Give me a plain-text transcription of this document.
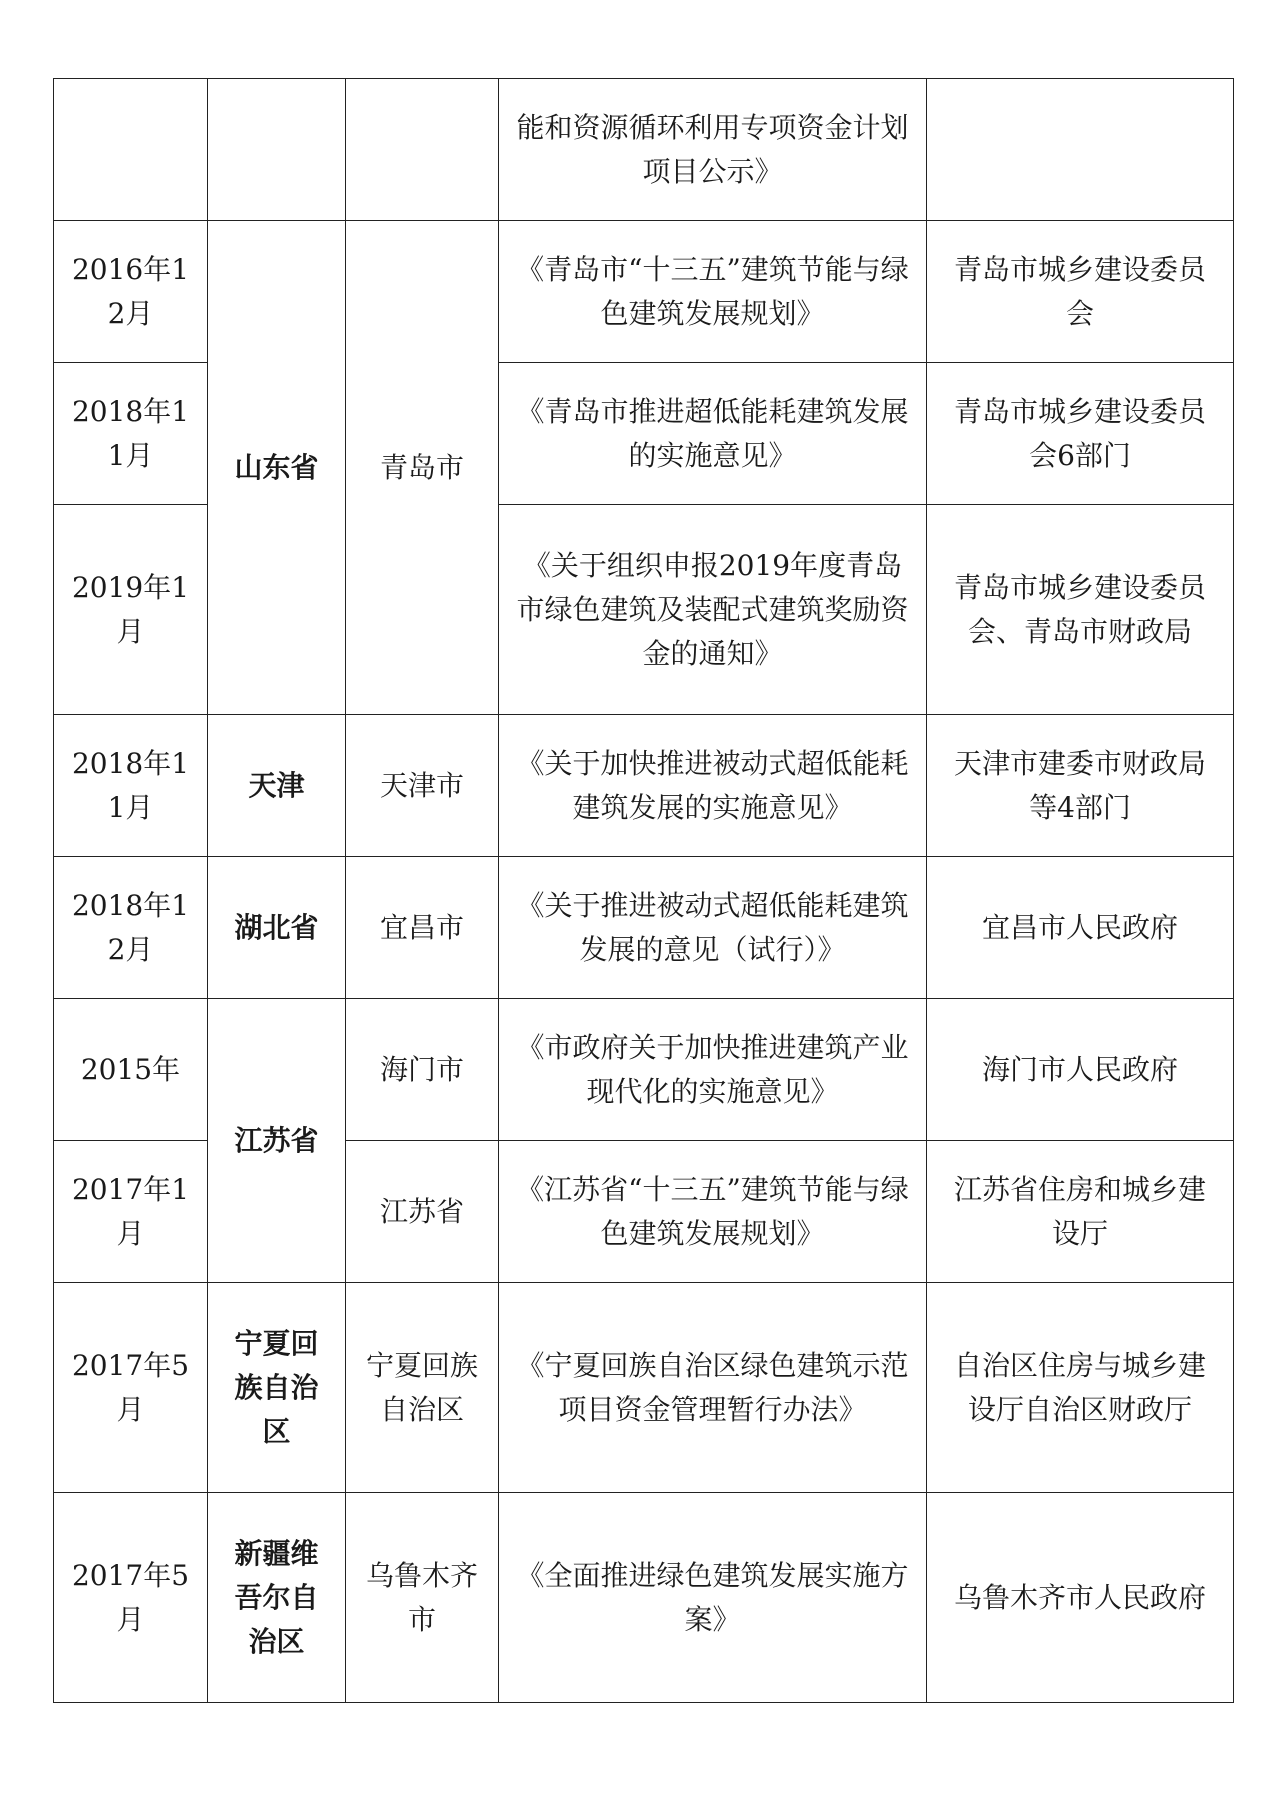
			能和资源循环利用专项资金计划项目公示》	
2016年12月	山东省	青岛市	《青岛市“十三五”建筑节能与绿色建筑发展规划》	青岛市城乡建设委员会
2018年11月			《青岛市推进超低能耗建筑发展的实施意见》	青岛市城乡建设委员会6部门
2019年1月			《关于组织申报2019年度青岛市绿色建筑及装配式建筑奖励资金的通知》	青岛市城乡建设委员会、青岛市财政局
2018年11月	天津	天津市	《关于加快推进被动式超低能耗建筑发展的实施意见》	天津市建委市财政局等4部门
2018年12月	湖北省	宜昌市	《关于推进被动式超低能耗建筑发展的意见（试行）》	宜昌市人民政府
2015年	江苏省	海门市	《市政府关于加快推进建筑产业现代化的实施意见》	海门市人民政府
2017年1月		江苏省	《江苏省“十三五”建筑节能与绿色建筑发展规划》	江苏省住房和城乡建设厅
2017年5月	宁夏回族自治区	宁夏回族自治区	《宁夏回族自治区绿色建筑示范项目资金管理暂行办法》	自治区住房与城乡建设厅自治区财政厅
2017年5月	新疆维吾尔自治区	乌鲁木齐市	《全面推进绿色建筑发展实施方案》	乌鲁木齐市人民政府
